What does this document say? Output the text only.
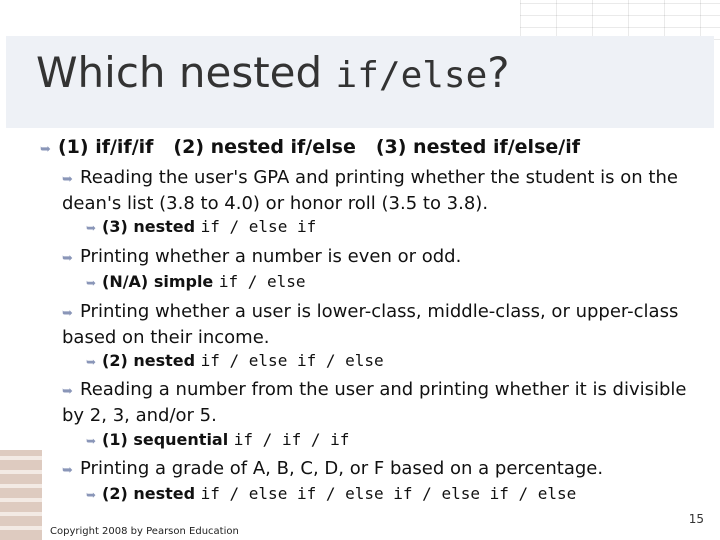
Which nested if/else?
➥ (1) if/if/if (2) nested if/else (3) nested if/else/if
➥ Reading the user's GPA and printing whether the student is on the dean's list (3.8 to 4.0) or honor roll (3.5 to 3.8).
➥ (3) nested if / else if
➥ Printing whether a number is even or odd.
➥ (N/A) simple if / else
➥ Printing whether a user is lower-class, middle-class, or upper-class based on their income.
➥ (2) nested if / else if / else
➥ Reading a number from the user and printing whether it is divisible by 2, 3, and/or 5.
➥ (1) sequential if / if / if
➥ Printing a grade of A, B, C, D, or F based on a percentage.
➥ (2) nested if / else if / else if / else if / else
Copyright 2008 by Pearson Education
15
